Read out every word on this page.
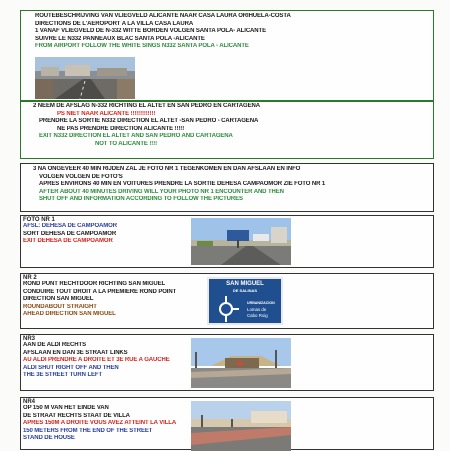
ROUTEBESCHRIJVING VAN VLIEGVELD ALICANTE NAAR CASA LAURA ORIHUELA-COSTA
DIRECTIONS DE L'AEROPORT A LA VILLA CASA LAURA
1 VANAF VLIEGVELD DE N-332 WITTE BORDEN VOLGEN SANTA POLA- ALICANTE
SUIVRE LE N332 PANNEAUX BLAC SANTA POLA -ALICANTE
FROM AIRPORT FOLLOW THE WHITE SINGS N332 SANTA POLA - ALICANTE
2 NEEM DE AFSLAG N-332 RICHTING EL ALTET EN SAN PEDRO EN CARTAGENA
PS NIET NAAR ALICANTE !!!!!!!!!!!!!
PRENDRE LA SORTIE N332 DIRECTION EL ALTET -SAN PEDRO - CARTAGENA
NE PAS PRENDRE DIRECTION ALICANTE !!!!!
EXIT N332 DIRECTION EL ALTET AND SAN PEDRO AND CARTAGENA
NOT TO ALICANTE !!!!
3 NA ONGEVEER 40 MIN RIJDEN ZAL JE FOTO NR 1 TEGENKOMEN EN DAN AFSLAAN EN INFO
VOLGEN VOLGEN DE FOTO'S
APRES ENVIRONS 40 MIN EN VOITURES PRENDRE LA SORTIE DEHESA CAMPAOMOR ZIE FOTO NR 1
AFTER ABOUT 40 MINUTES DRIVING WILL YOUR PHOTO NR 1 ENCOUNTER AND THEN
SHUT OFF AND INFORMATION ACCORDING TO FOLLOW THE PICTURES
FOTO NR 1
AFSL: DEHESA DE CAMPOAMOR
SORT DEHESA DE CAMPOAMOR
EXIT DEHESA DE CAMPOAMOR
NR 2
ROND PUNT RECHTDOOR RICHTING SAN MIGUEL
CONDUIRE TOUT DROIT A LA PREMIERE ROND POINT
DIRECTION SAN MIGUEL
ROUNDABOUT STRAIGHT
AHEAD DIRECTION SAN MIGUEL
SAN MIGUEL
DE SALINAS
URBANIZACION
Lomas de
Cabo Roig
NR3
AAN DE ALDI RECHTS
AFSLAAN EN DAN 3E STRAAT LINKS
AU ALDI PRENDRE A DROITE ET 3E RUE A GAUCHE
ALDI SHUT RIGHT OFF AND THEN
THE 3E STREET TURN LEFT
NR4
OP 150 M VAN HET EINDE VAN
DE STRAAT RECHTS STAAT DE VILLA
APRES 150M A DROITE VOUS AVEZ ATTEINT LA VILLA
150 METERS FROM THE END OF THE STREET
STAND DE HOUSE
